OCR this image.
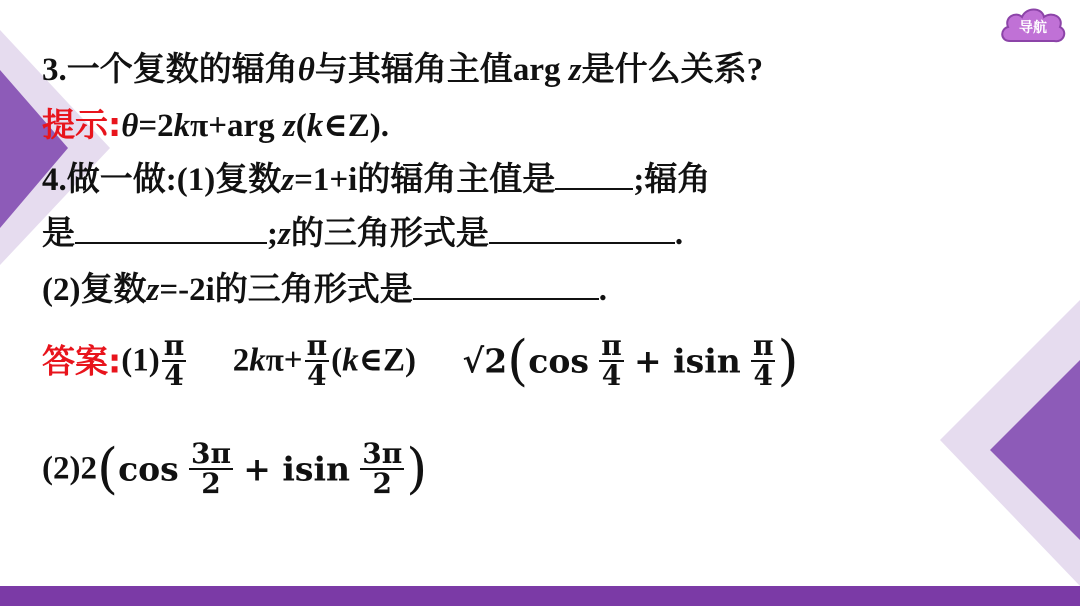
导航
3.一个复数的辐角θ与其辐角主值arg z是什么关系?
提示:θ=2kπ+arg z(k∈Z).
4.做一做:(1)复数z=1+i的辐角主值是 ;辐角
是	;z的三角形式是	.
(2)复数z=-2i的三角形式是	.
答案:(1) $\frac{\pi}{4} 2k\pi+ \frac{\pi}{4}$ (k∈Z) $√2(\cos \frac{\pi}{4} + isin \frac{\pi}{4}$ )
$(2)2(\cos \frac{3\pi}{2} + isin \frac{3\pi}{2}$ )
